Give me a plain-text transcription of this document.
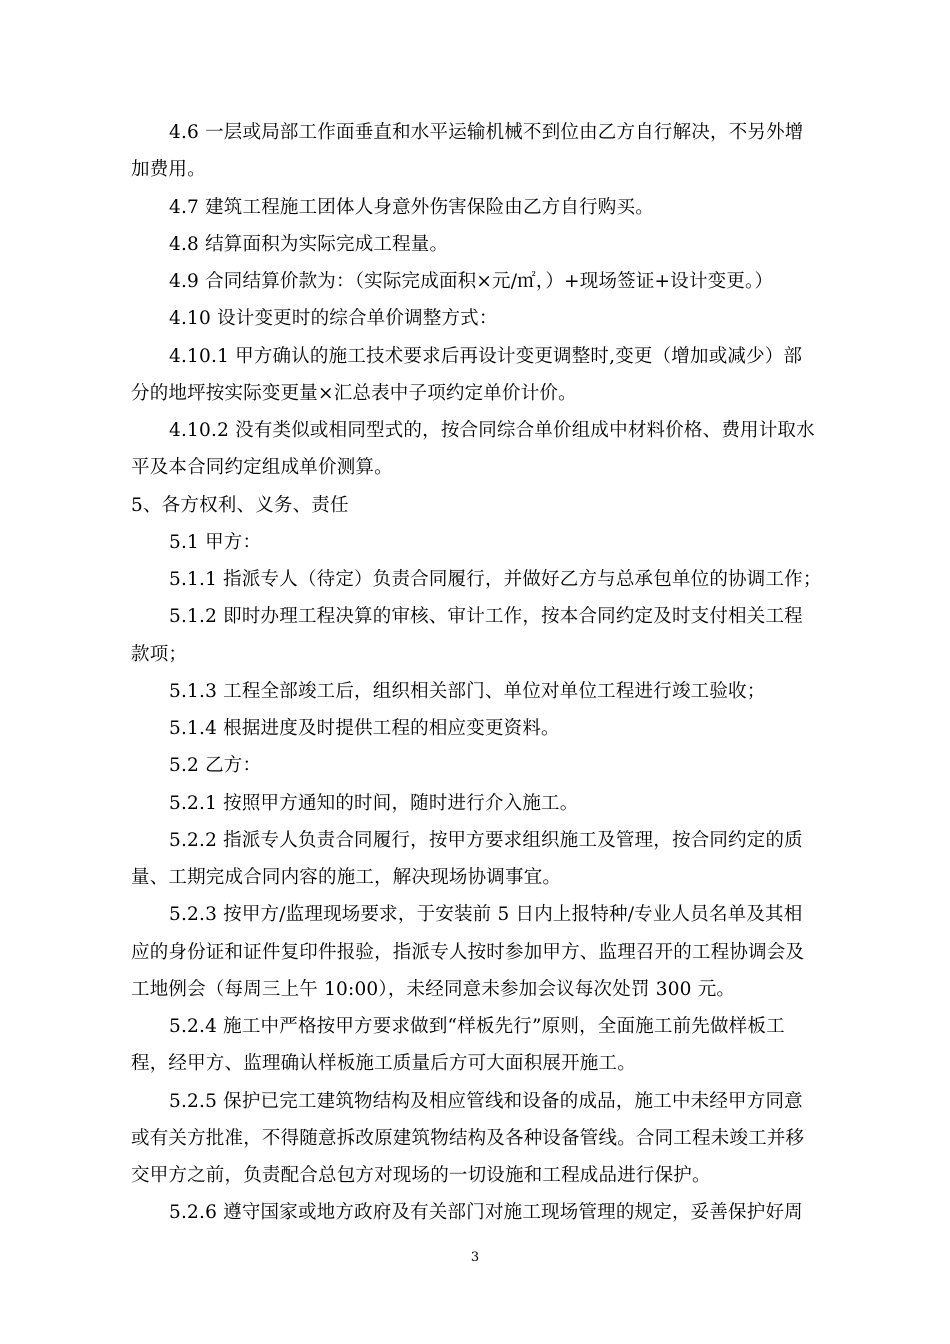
4.6 一层或局部工作面垂直和水平运输机械不到位由乙方自行解决，不另外增
加费用。
4.7 建筑工程施工团体人身意外伤害保险由乙方自行购买。
4.8 结算面积为实际完成工程量。
4.9 合同结算价款为：（实际完成面积×元/㎡，）+现场签证+设计变更。）
4.10 设计变更时的综合单价调整方式：
4.10.1 甲方确认的施工技术要求后再设计变更调整时,变更（增加或减少）部
分的地坪按实际变更量×汇总表中子项约定单价计价。
4.10.2 没有类似或相同型式的，按合同综合单价组成中材料价格、费用计取水
平及本合同约定组成单价测算。
5、各方权利、义务、责任
5.1 甲方：
5.1.1 指派专人（待定）负责合同履行，并做好乙方与总承包单位的协调工作；
5.1.2 即时办理工程决算的审核、审计工作，按本合同约定及时支付相关工程
款项；
5.1.3 工程全部竣工后，组织相关部门、单位对单位工程进行竣工验收；
5.1.4 根据进度及时提供工程的相应变更资料。
5.2 乙方：
5.2.1 按照甲方通知的时间，随时进行介入施工。
5.2.2 指派专人负责合同履行，按甲方要求组织施工及管理，按合同约定的质
量、工期完成合同内容的施工，解决现场协调事宜。
5.2.3 按甲方/监理现场要求，于安装前 5 日内上报特种/专业人员名单及其相
应的身份证和证件复印件报验，指派专人按时参加甲方、监理召开的工程协调会及
工地例会（每周三上午 10:00），未经同意未参加会议每次处罚 300 元。
5.2.4 施工中严格按甲方要求做到“样板先行”原则，全面施工前先做样板工
程，经甲方、监理确认样板施工质量后方可大面积展开施工。
5.2.5 保护已完工建筑物结构及相应管线和设备的成品，施工中未经甲方同意
或有关方批准，不得随意拆改原建筑物结构及各种设备管线。合同工程未竣工并移
交甲方之前，负责配合总包方对现场的一切设施和工程成品进行保护。
5.2.6 遵守国家或地方政府及有关部门对施工现场管理的规定，妥善保护好周
3
